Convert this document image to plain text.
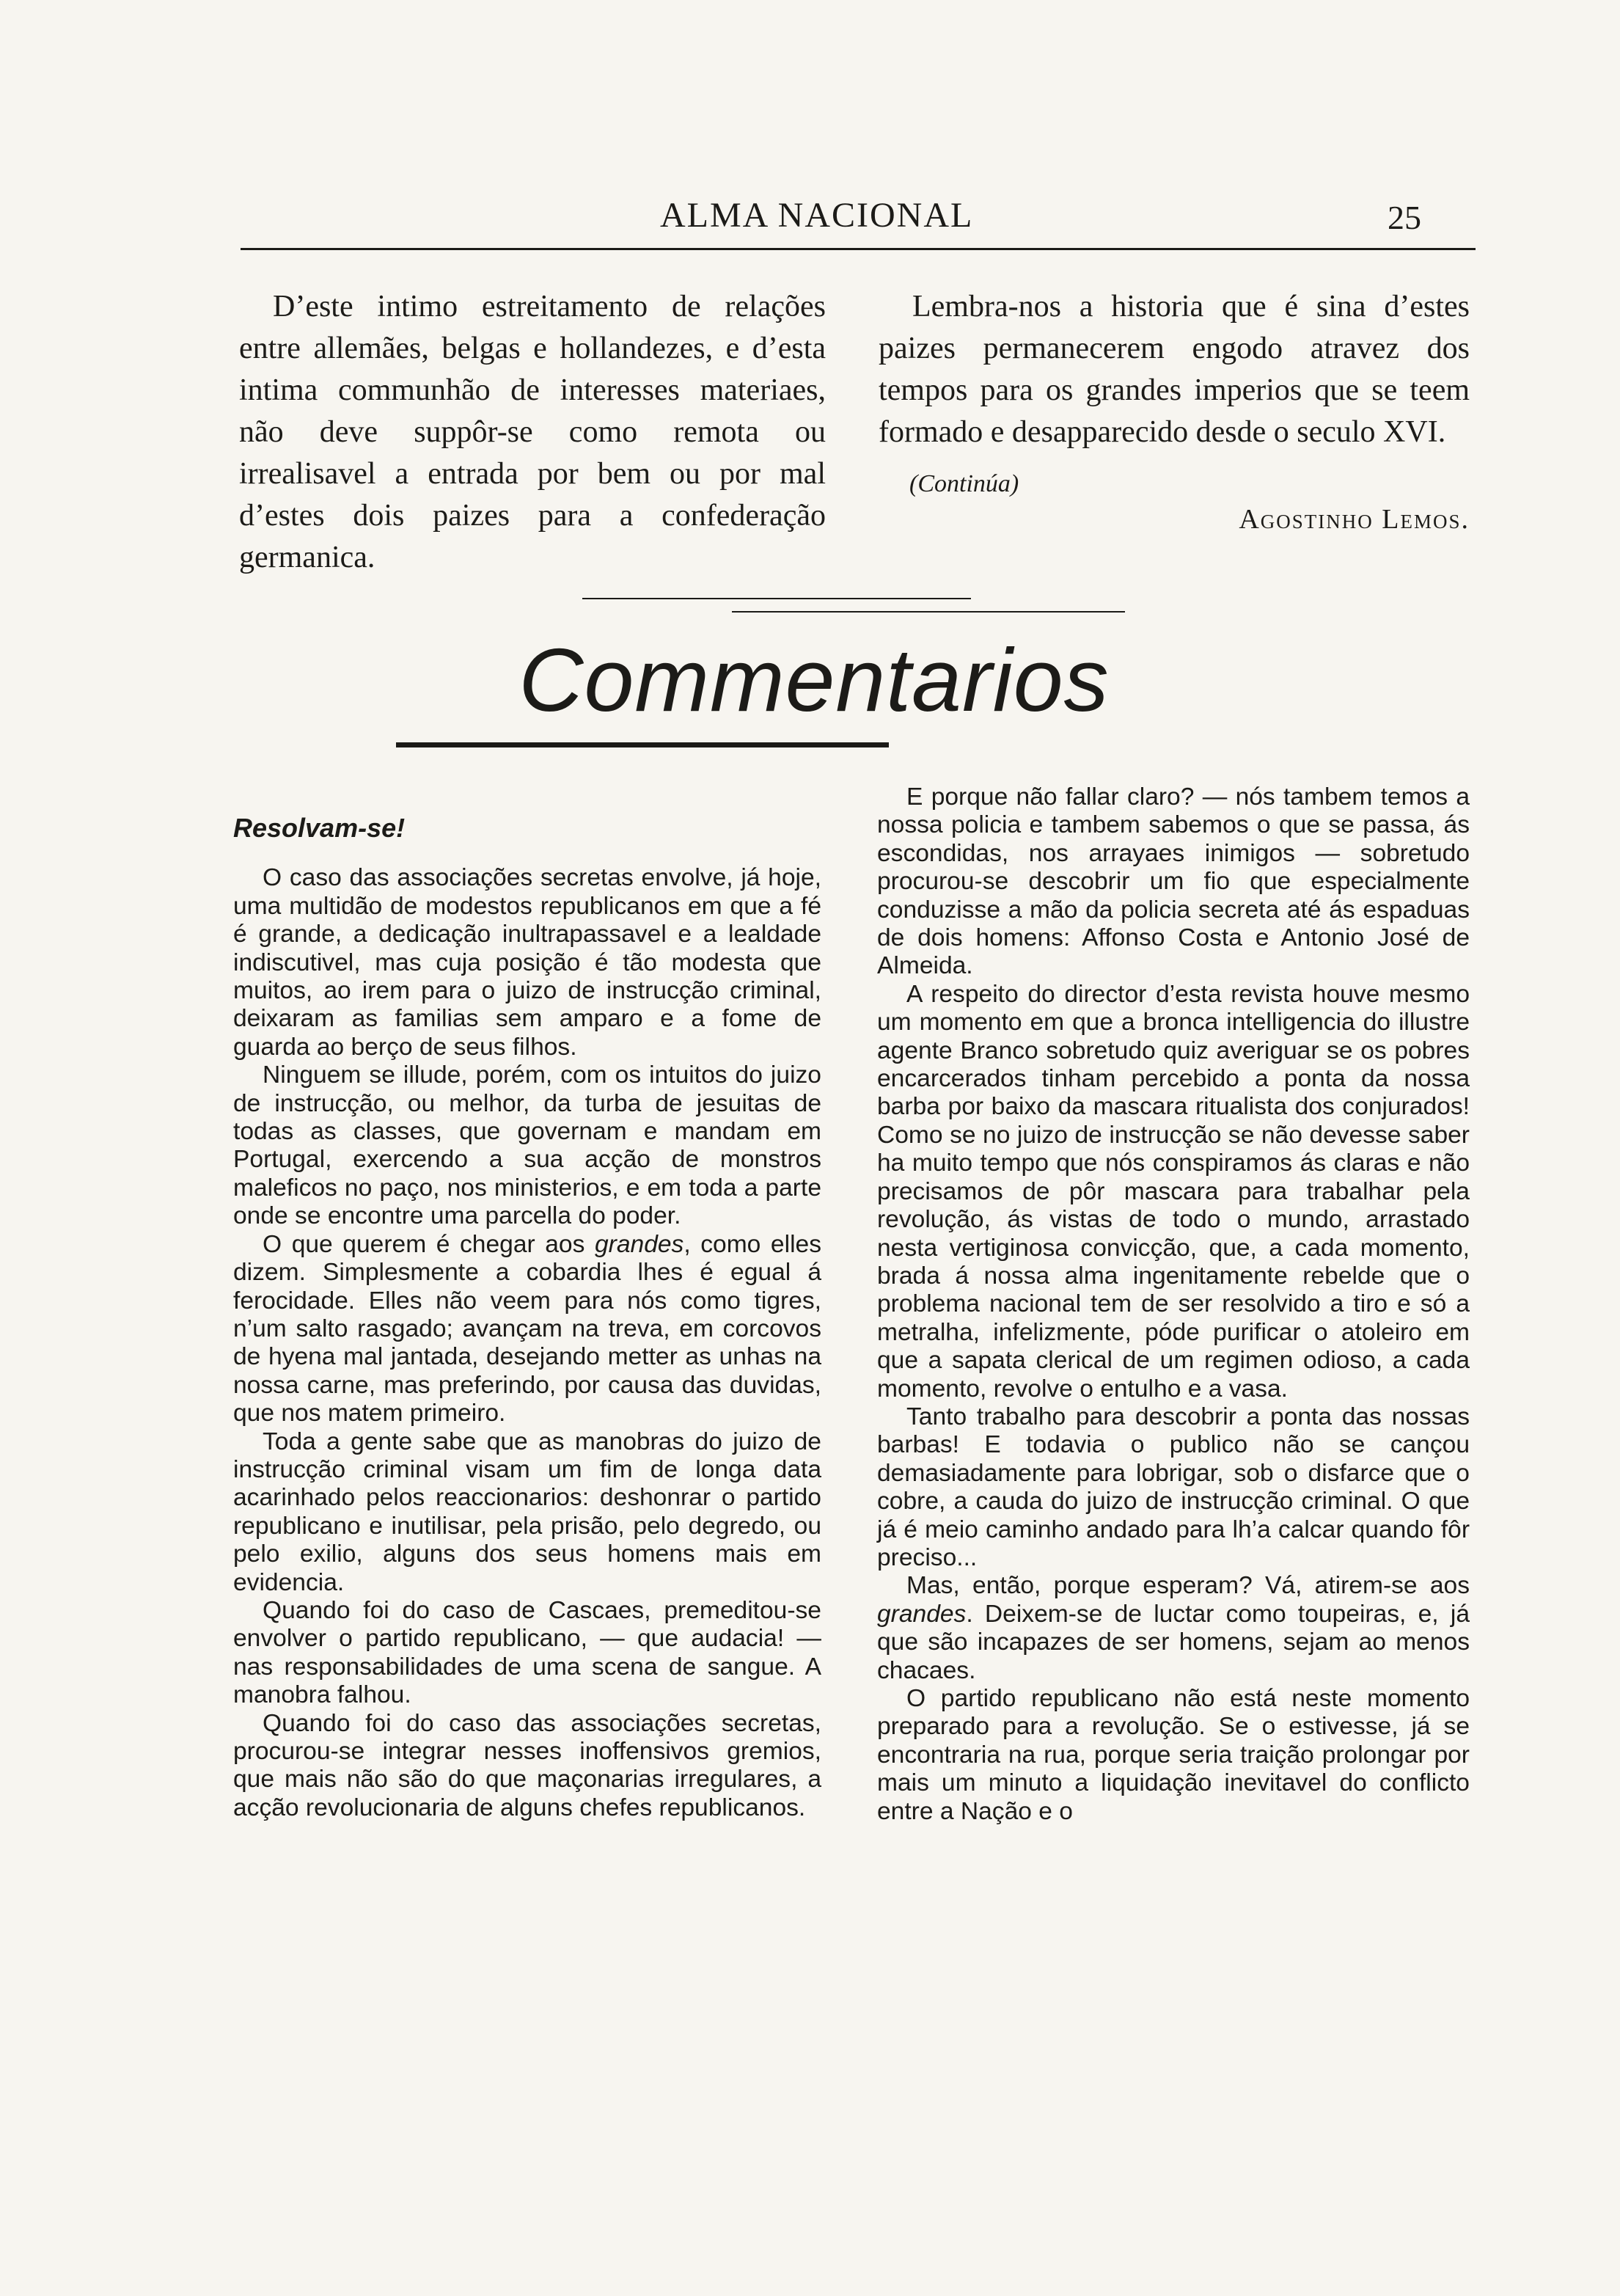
ALMA NACIONAL	25

D’este intimo estreitamento de relações entre allemães, belgas e hollandezes, e d’esta intima communhão de interesses materiaes, não deve suppôr-se como remota ou irrealisavel a entrada por bem ou por mal d’estes dois paizes para a confederação germanica.

Lembra-nos a historia que é sina d’estes paizes permanecerem engodo atravez dos tempos para os grandes imperios que se teem formado e desapparecido desde o seculo XVI.

(Continúa)

Agostinho Lemos.

Commentarios
Resolvam-se!

O caso das associações secretas envolve, já hoje, uma multidão de modestos republicanos em que a fé é grande, a dedicação inultrapassavel e a lealdade indiscutivel, mas cuja posição é tão modesta que muitos, ao irem para o juizo de instrucção criminal, deixaram as familias sem amparo e a fome de guarda ao berço de seus filhos.

Ninguem se illude, porém, com os intuitos do juizo de instrucção, ou melhor, da turba de jesuitas de todas as classes, que governam e mandam em Portugal, exercendo a sua acção de monstros maleficos no paço, nos ministerios, e em toda a parte onde se encontre uma parcella do poder.

O que querem é chegar aos grandes, como elles dizem. Simplesmente a cobardia lhes é egual á ferocidade. Elles não veem para nós como tigres, n’um salto rasgado; avançam na treva, em corcovos de hyena mal jantada, desejando metter as unhas na nossa carne, mas preferindo, por causa das duvidas, que nos matem primeiro.

Toda a gente sabe que as manobras do juizo de instrucção criminal visam um fim de longa data acarinhado pelos reaccionarios: deshonrar o partido republicano e inutilisar, pela prisão, pelo degredo, ou pelo exilio, alguns dos seus homens mais em evidencia.

Quando foi do caso de Cascaes, premeditou-se envolver o partido republicano, — que audacia! — nas responsabilidades de uma scena de sangue. A manobra falhou.

Quando foi do caso das associações secretas, procurou-se integrar nesses inoffensivos gremios, que mais não são do que maçonarias irregulares, a acção revolucionaria de alguns chefes republicanos.

E porque não fallar claro? — nós tambem temos a nossa policia e tambem sabemos o que se passa, ás escondidas, nos arrayaes inimigos — sobretudo procurou-se descobrir um fio que especialmente conduzisse a mão da policia secreta até ás espaduas de dois homens: Affonso Costa e Antonio José de Almeida.

A respeito do director d’esta revista houve mesmo um momento em que a bronca intelligencia do illustre agente Branco sobretudo quiz averiguar se os pobres encarcerados tinham percebido a ponta da nossa barba por baixo da mascara ritualista dos conjurados! Como se no juizo de instrucção se não devesse saber ha muito tempo que nós conspiramos ás claras e não precisamos de pôr mascara para trabalhar pela revolução, ás vistas de todo o mundo, arrastado nesta vertiginosa convicção, que, a cada momento, brada á nossa alma ingenitamente rebelde que o problema nacional tem de ser resolvido a tiro e só a metralha, infelizmente, póde purificar o atoleiro em que a sapata clerical de um regimen odioso, a cada momento, revolve o entulho e a vasa.

Tanto trabalho para descobrir a ponta das nossas barbas! E todavia o publico não se cançou demasiadamente para lobrigar, sob o disfarce que o cobre, a cauda do juizo de instrucção criminal. O que já é meio caminho andado para lh’a calcar quando fôr preciso...

Mas, então, porque esperam? Vá, atirem-se aos grandes. Deixem-se de luctar como toupeiras, e, já que são incapazes de ser homens, sejam ao menos chacaes.

O partido republicano não está neste momento preparado para a revolução. Se o estivesse, já se encontraria na rua, porque seria traição prolongar por mais um minuto a liquidação inevitavel do conflicto entre a Nação e o
